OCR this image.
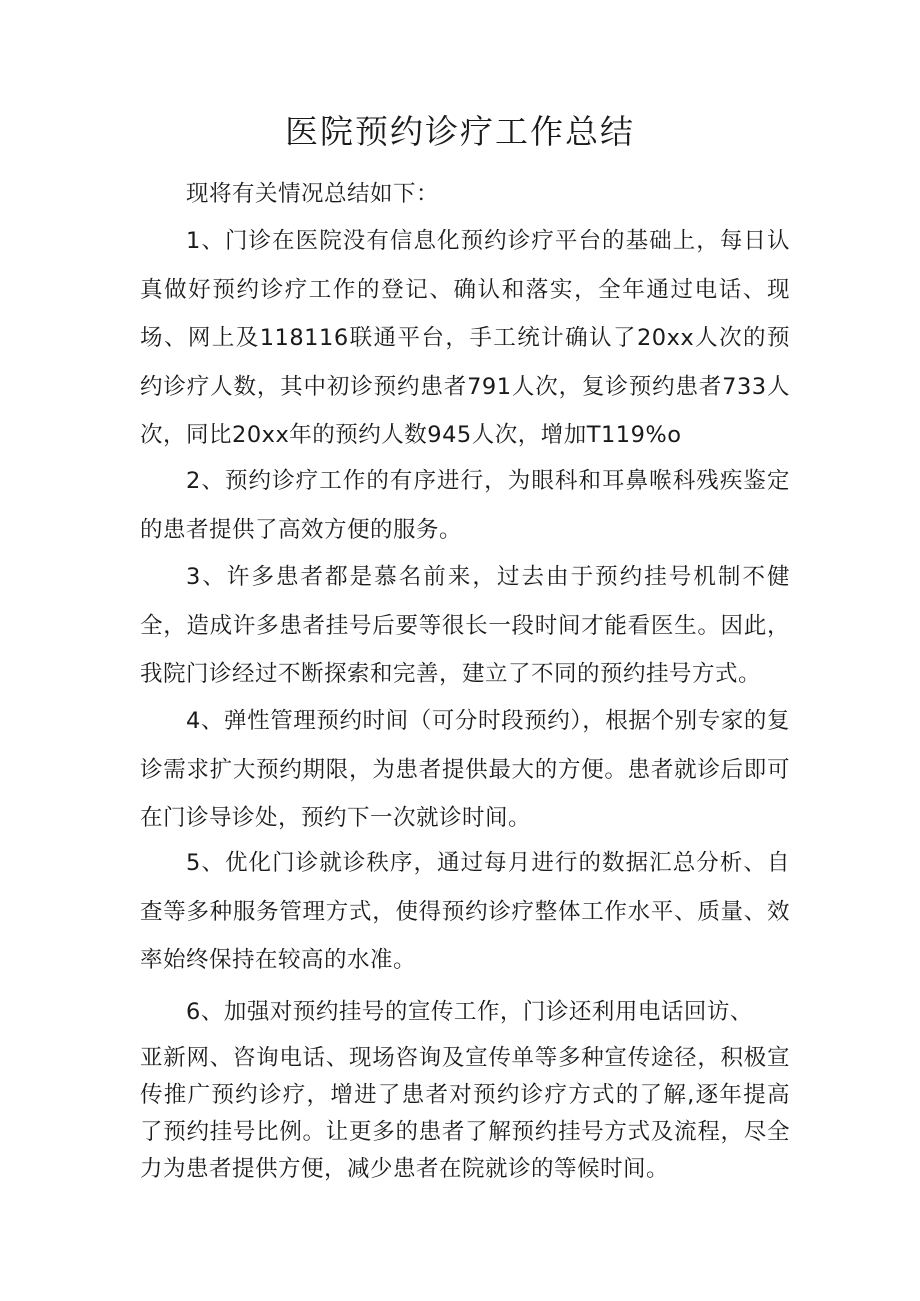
医院预约诊疗工作总结
现将有关情况总结如下：
1、门诊在医院没有信息化预约诊疗平台的基础上，每日认真做好预约诊疗工作的登记、确认和落实，全年通过电话、现场、网上及118116联通平台，手工统计确认了20xx人次的预约诊疗人数，其中初诊预约患者791人次，复诊预约患者733人次，同比20xx年的预约人数945人次，增加T119%o
2、预约诊疗工作的有序进行，为眼科和耳鼻喉科残疾鉴定的患者提供了高效方便的服务。
3、许多患者都是慕名前来，过去由于预约挂号机制不健全，造成许多患者挂号后要等很长一段时间才能看医生。因此，我院门诊经过不断探索和完善，建立了不同的预约挂号方式。
4、弹性管理预约时间（可分时段预约），根据个别专家的复诊需求扩大预约期限，为患者提供最大的方便。患者就诊后即可在门诊导诊处，预约下一次就诊时间。
5、优化门诊就诊秩序，通过每月进行的数据汇总分析、自查等多种服务管理方式，使得预约诊疗整体工作水平、质量、效率始终保持在较高的水准。
6、加强对预约挂号的宣传工作，门诊还利用电话回访、
亚新网、咨询电话、现场咨询及宣传单等多种宣传途径，积极宣传推广预约诊疗，增进了患者对预约诊疗方式的了解,逐年提高了预约挂号比例。让更多的患者了解预约挂号方式及流程，尽全力为患者提供方便，减少患者在院就诊的等候时间。
